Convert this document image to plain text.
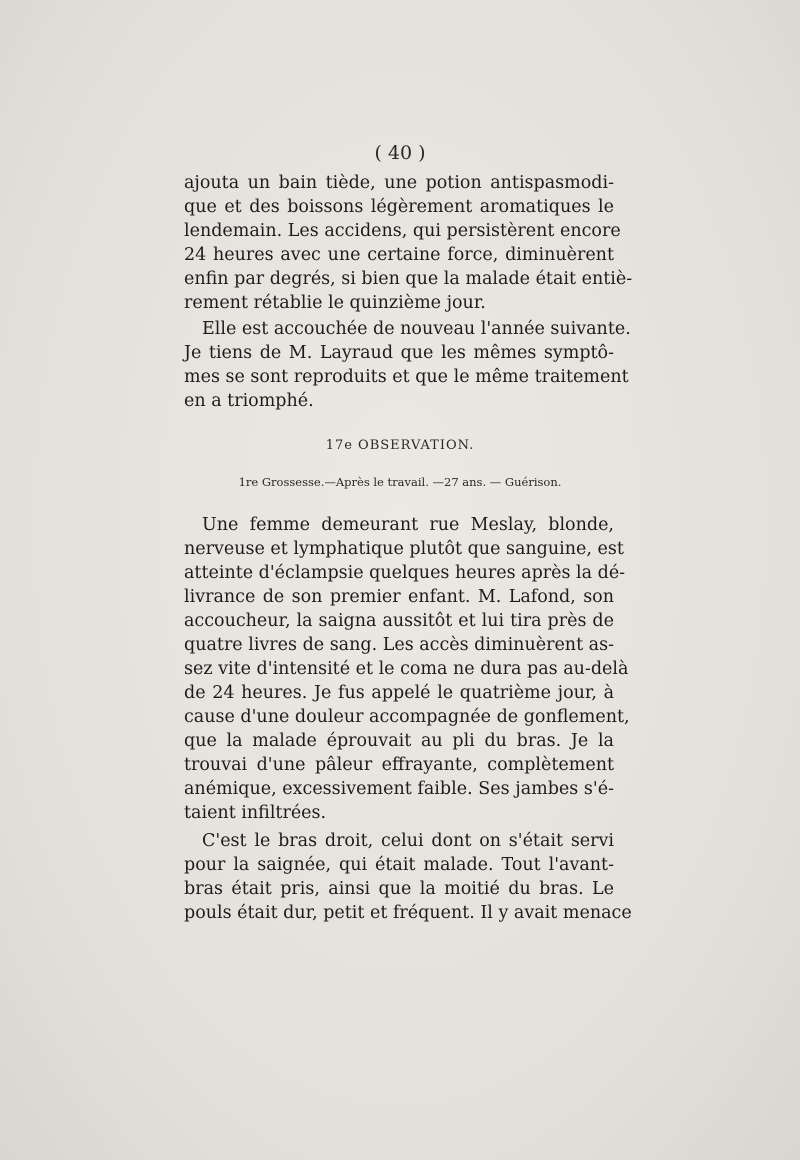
( 40 )
ajouta un bain tiède, une potion antispasmodi-
que et des boissons légèrement aromatiques le
lendemain. Les accidens, qui persistèrent encore
24 heures avec une certaine force, diminuèrent
enfin par degrés, si bien que la malade était entiè-
rement rétablie le quinzième jour.
Elle est accouchée de nouveau l'année suivante.
Je tiens de M. Layraud que les mêmes symptô-
mes se sont reproduits et que le même traitement
en a triomphé.
17e OBSERVATION.
1re Grossesse.—Après le travail. —27 ans. — Guérison.
Une femme demeurant rue Meslay, blonde,
nerveuse et lymphatique plutôt que sanguine, est
atteinte d'éclampsie quelques heures après la dé-
livrance de son premier enfant. M. Lafond, son
accoucheur, la saigna aussitôt et lui tira près de
quatre livres de sang. Les accès diminuèrent as-
sez vite d'intensité et le coma ne dura pas au-delà
de 24 heures. Je fus appelé le quatrième jour, à
cause d'une douleur accompagnée de gonflement,
que la malade éprouvait au pli du bras. Je la
trouvai d'une pâleur effrayante, complètement
anémique, excessivement faible. Ses jambes s'é-
taient infiltrées.
C'est le bras droit, celui dont on s'était servi
pour la saignée, qui était malade. Tout l'avant-
bras était pris, ainsi que la moitié du bras. Le
pouls était dur, petit et fréquent. Il y avait menace
